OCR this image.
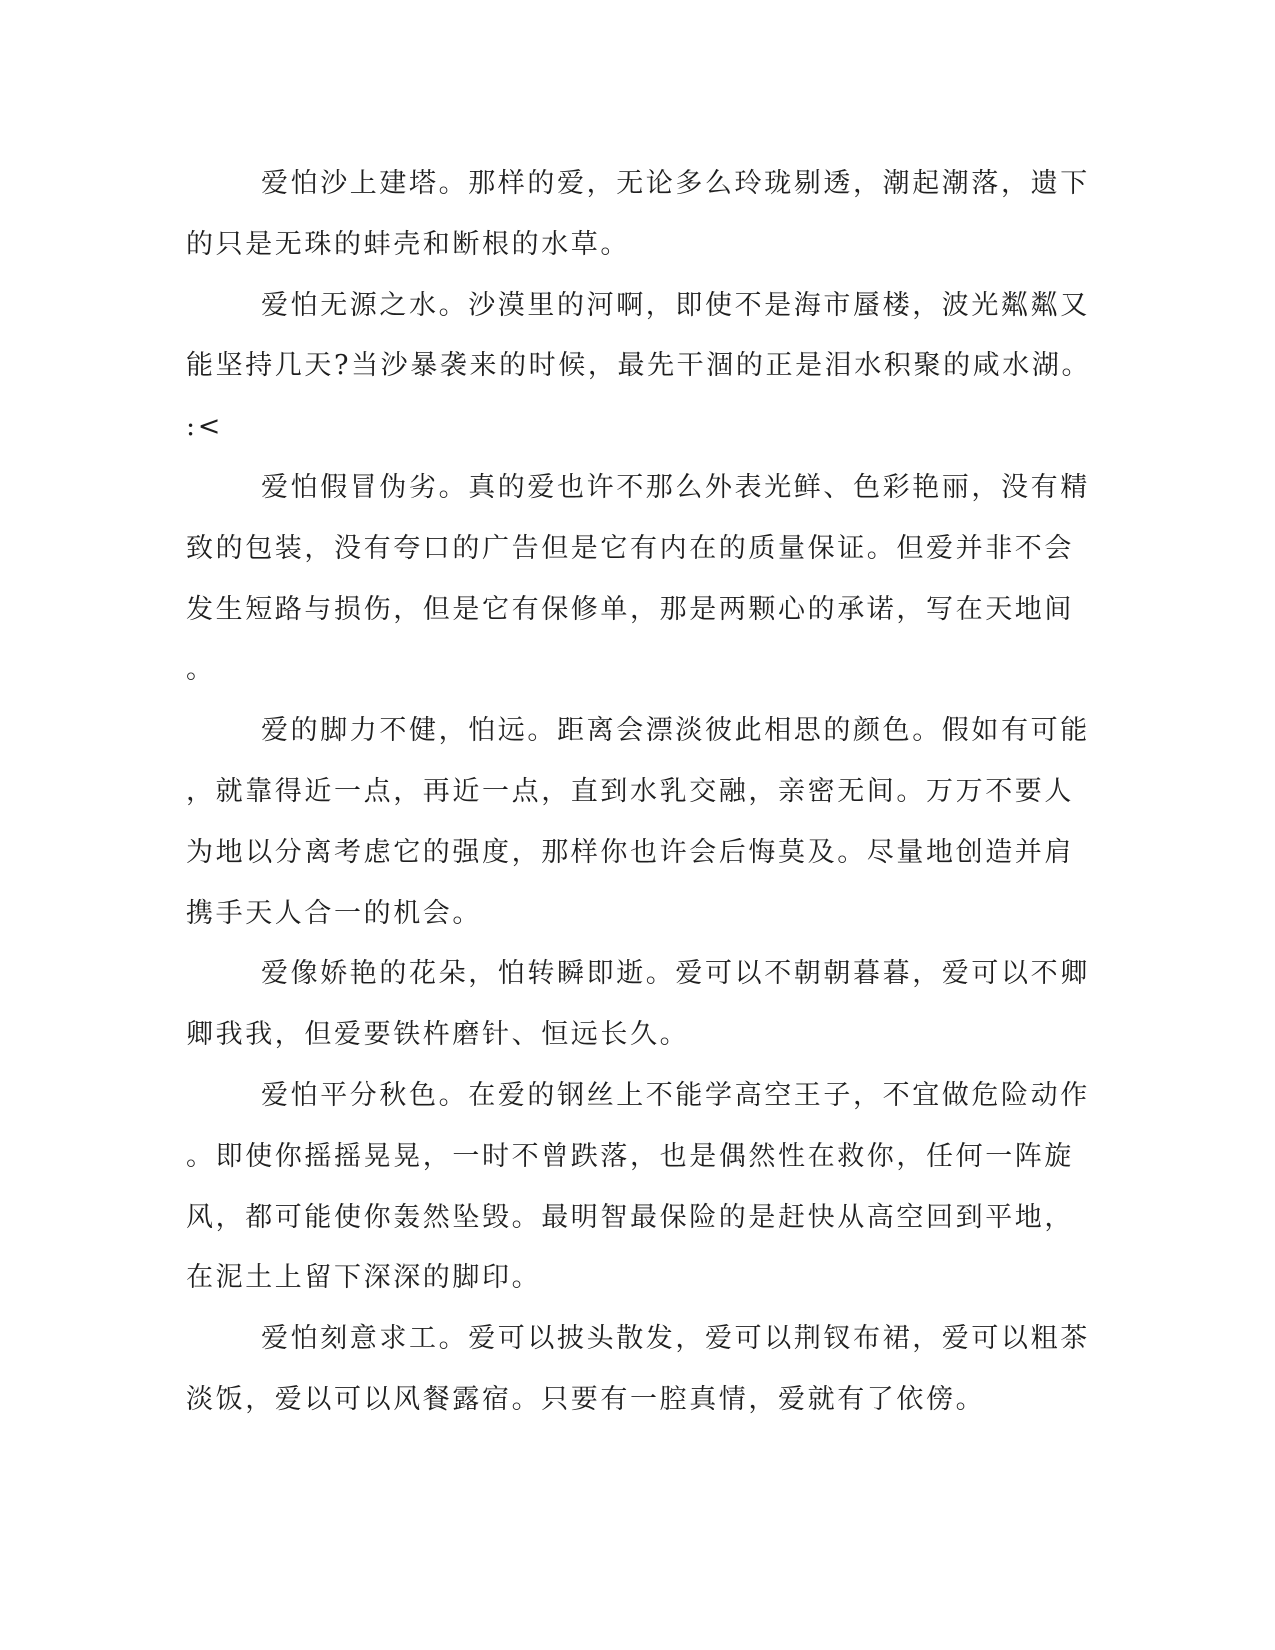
爱怕沙上建塔。那样的爱，无论多么玲珑剔透，潮起潮落，遗下
的只是无珠的蚌壳和断根的水草。
爱怕无源之水。沙漠里的河啊，即使不是海市蜃楼，波光粼粼又
能坚持几天?当沙暴袭来的时候，最先干涸的正是泪水积聚的咸水湖。
:<
爱怕假冒伪劣。真的爱也许不那么外表光鲜、色彩艳丽，没有精
致的包装，没有夸口的广告但是它有内在的质量保证。但爱并非不会
发生短路与损伤，但是它有保修单，那是两颗心的承诺，写在天地间
。
爱的脚力不健，怕远。距离会漂淡彼此相思的颜色。假如有可能
，就靠得近一点，再近一点，直到水乳交融，亲密无间。万万不要人
为地以分离考虑它的强度，那样你也许会后悔莫及。尽量地创造并肩
携手天人合一的机会。
爱像娇艳的花朵，怕转瞬即逝。爱可以不朝朝暮暮，爱可以不卿
卿我我，但爱要铁杵磨针、恒远长久。
爱怕平分秋色。在爱的钢丝上不能学高空王子，不宜做危险动作
。即使你摇摇晃晃，一时不曾跌落，也是偶然性在救你，任何一阵旋
风，都可能使你轰然坠毁。最明智最保险的是赶快从高空回到平地，
在泥土上留下深深的脚印。
爱怕刻意求工。爱可以披头散发，爱可以荆钗布裙，爱可以粗茶
淡饭，爱以可以风餐露宿。只要有一腔真情，爱就有了依傍。
